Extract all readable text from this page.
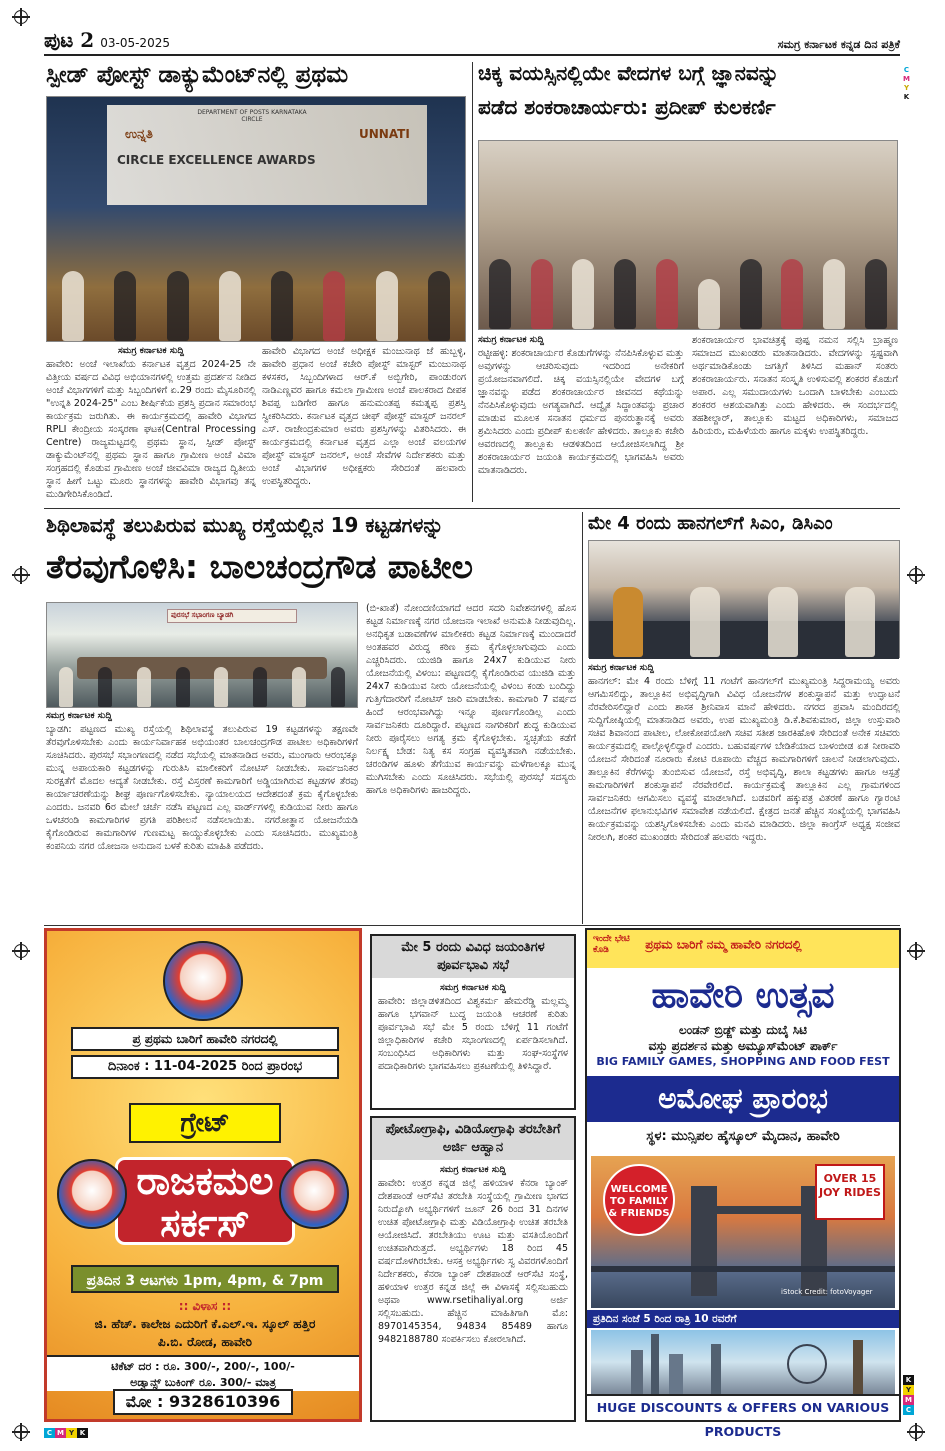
ಪುಟ 2 03-05-2025	ಸಮಗ್ರ ಕರ್ನಾಟಕ ಕನ್ನಡ ದಿನ ಪತ್ರಿಕೆ
C
M
Y
K
ಸ್ಪೀಡ್ ಪೋಸ್ಟ್ ಡಾಕ್ಯುಮೆಂಟ್‌ನಲ್ಲಿ ಪ್ರಥಮ
ಉನ್ನತಿ	UNNATI
CIRCLE EXCELLENCE AWARDS
DEPARTMENT OF POSTS KARNATAKA CIRCLE
ಸಮಗ್ರ ಕರ್ನಾಟಕ ಸುದ್ದಿ
ಹಾವೇರಿ: ಅಂಚೆ ಇಲಾಖೆಯ ಕರ್ನಾಟಕ ವೃತ್ತದ 2024-25 ನೇ ವಿತ್ತೀಯ ವರ್ಷದ ವಿವಿಧ ಅಭಿಯಾನಗಳಲ್ಲಿ ಉತ್ತಮ ಪ್ರದರ್ಶನ ನೀಡಿದ ಅಂಚೆ ವಿಭಾಗಗಳಿಗೆ ಮತ್ತು ಸಿಬ್ಬಂದಿಗಳಿಗೆ ಏ.29 ರಂದು ಮೈಸೂರಿನಲ್ಲಿ "ಉನ್ನತಿ 2024-25" ಎಂಬ ಶೀರ್ಷಿಕೆಯ ಪ್ರಶಸ್ತಿ ಪ್ರದಾನ ಸಮಾರಂಭ ಕಾರ್ಯಕ್ರಮ ಜರುಗಿತು. ಈ ಕಾರ್ಯಕ್ರಮದಲ್ಲಿ ಹಾವೇರಿ ವಿಭಾಗದ RPLI ಕೇಂದ್ರೀಯ ಸಂಸ್ಕರಣಾ ಘಟಕ(Central Processing Centre) ರಾಜ್ಯಮಟ್ಟದಲ್ಲಿ ಪ್ರಥಮ ಸ್ಥಾನ, ಸ್ಪೀಡ್ ಪೋಸ್ಟ್ ಡಾಕ್ಯುಮೆಂಟ್‌ನಲ್ಲಿ ಪ್ರಥಮ ಸ್ಥಾನ ಹಾಗೂ ಗ್ರಾಮೀಣ ಅಂಚೆ ವಿಮಾ ಸಂಗ್ರಹದಲ್ಲಿ ಕೊಡುವ ಗ್ರಾಮೀಣ ಅಂಚೆ ಜೀವವಿಮಾ ರಾಜ್ಯದ ದ್ವಿತೀಯ ಸ್ಥಾನ ಹೀಗೆ ಒಟ್ಟು ಮೂರು ಸ್ಥಾನಗಳನ್ನು ಹಾವೇರಿ ವಿಭಾಗವು ತನ್ನ ಮುಡಿಗೇರಿಸಿಕೊಂಡಿದೆ.
ಹಾವೇರಿ ವಿಭಾಗದ ಅಂಚೆ ಅಧೀಕ್ಷಕ ಮಂಜುನಾಥ ಜೆ ಹುಬ್ಬಳ್ಳಿ, ಹಾವೇರಿ ಪ್ರಧಾನ ಅಂಚೆ ಕಚೇರಿ ಪೋಸ್ಟ್ ಮಾಸ್ಟರ್ ಮಂಜುನಾಥ ಕಳಸಕರ, ಸಿಬ್ಬಂದಿಗಳಾದ ಆರ್.ಕೆ ಅಬ್ಬಿಗೇರಿ, ಪಾಂಡುರಂಗ ನಾಡಿಎಣ್ಣವರ ಹಾಗೂ ಕಮಲಾ ಗ್ರಾಮೀಣ ಅಂಚೆ ಪಾಲಕರಾದ ದೀಪಕ ಶಿವಪ್ಪ ಬಡಿಗೇರ ಹಾಗೂ ಹನುಮಂತಪ್ಪ ಕಮತ್ನಪ್ಪ ಪ್ರಶಸ್ತಿ ಸ್ವೀಕರಿಸಿದರು. ಕರ್ನಾಟಕ ವೃತ್ತದ ಚೀಫ್ ಪೋಸ್ಟ್ ಮಾಸ್ಟರ್ ಜನರಲ್ ಎಸ್. ರಾಜೇಂದ್ರಕುಮಾರ ಅವರು ಪ್ರಶಸ್ತಿಗಳನ್ನು ವಿತರಿಸಿದರು. ಈ ಕಾರ್ಯಕ್ರಮದಲ್ಲಿ ಕರ್ನಾಟಕ ವೃತ್ತದ ಎಲ್ಲಾ ಅಂಚೆ ವಲಯಗಳ ಪೋಸ್ಟ್ ಮಾಸ್ಟರ್ ಜನರಲ್, ಅಂಚೆ ಸೇವೆಗಳ ನಿರ್ದೇಶಕರು ಮತ್ತು ಅಂಚೆ ವಿಭಾಗಗಳ ಅಧೀಕ್ಷಕರು ಸೇರಿದಂತೆ ಹಲವಾರು ಉಪಸ್ಥಿತರಿದ್ದರು.
ಚಿಕ್ಕ ವಯಸ್ಸಿನಲ್ಲಿಯೇ ವೇದಗಳ ಬಗ್ಗೆ ಜ್ಞಾನವನ್ನು
ಪಡೆದ ಶಂಕರಾಚಾರ್ಯರು: ಪ್ರದೀಪ್ ಕುಲಕರ್ಣಿ
ಸಮಗ್ರ ಕರ್ನಾಟಕ ಸುದ್ದಿ
ರಟ್ಟೀಹಳ್ಳಿ: ಶಂಕರಾಚಾರ್ಯರ ಕೊಡುಗೆಗಳನ್ನು ನೆನಪಿಸಿಕೊಳ್ಳುವ ಮತ್ತು ಅವುಗಳನ್ನು ಆಚರಿಸುವುದು ಇದರಿಂದ ಅನೇಕರಿಗೆ ಪ್ರಯೋಜನವಾಗಲಿದೆ. ಚಿಕ್ಕ ವಯಸ್ಸಿನಲ್ಲಿಯೇ ವೇದಗಳ ಬಗ್ಗೆ ಜ್ಞಾನವನ್ನು ಪಡೆದ ಶಂಕರಾಚಾರ್ಯರ ಜೀವನದ ಕಥೆಯನ್ನು ನೆನಪಿಸಿಕೊಳ್ಳುವುದು ಅಗತ್ಯವಾಗಿದೆ. ಆದ್ವೈತ ಸಿದ್ಧಾಂತವನ್ನು ಪ್ರಚಾರ ಮಾಡುವ ಮೂಲಕ ಸನಾತನ ಧರ್ಮದ ಪುನರುತ್ಥಾನಕ್ಕೆ ಅವರು ಶ್ರಮಿಸಿದರು ಎಂದು ಪ್ರದೀಪ್ ಕುಲಕರ್ಣಿ ಹೇಳಿದರು. ತಾಲ್ಲೂಕು ಕಚೇರಿ ಆವರಣದಲ್ಲಿ ತಾಲ್ಲೂಕು ಆಡಳಿತದಿಂದ ಆಯೋಜಿಸಲಾಗಿದ್ದ ಶ್ರೀ ಶಂಕರಾಚಾರ್ಯರ ಜಯಂತಿ ಕಾರ್ಯಕ್ರಮದಲ್ಲಿ ಭಾಗವಹಿಸಿ ಅವರು ಮಾತನಾಡಿದರು.
ಶಂಕರಾಚಾರ್ಯರ ಭಾವಚಿತ್ರಕ್ಕೆ ಪುಷ್ಪ ನಮನ ಸಲ್ಲಿಸಿ ಬ್ರಾಹ್ಮಣ ಸಮಾಜದ ಮುಖಂಡರು ಮಾತನಾಡಿದರು. ವೇದಗಳನ್ನು ಸ್ಪಷ್ಟವಾಗಿ ಅರ್ಥಮಾಡಿಕೊಂಡು ಜಗತ್ತಿಗೆ ತಿಳಿಸಿದ ಮಹಾನ್ ಸಂತರು ಶಂಕರಾಚಾರ್ಯರು. ಸನಾತನ ಸಂಸ್ಕೃತಿ ಉಳಿಸುವಲ್ಲಿ ಶಂಕರರ ಕೊಡುಗೆ ಅಪಾರ. ಎಲ್ಲ ಸಮುದಾಯಗಳು ಒಂದಾಗಿ ಬಾಳಬೇಕು ಎಂಬುದು ಶಂಕರರ ಆಶಯವಾಗಿತ್ತು ಎಂದು ಹೇಳಿದರು. ಈ ಸಂದರ್ಭದಲ್ಲಿ ತಹಶೀಲ್ದಾರ್, ತಾಲ್ಲೂಕು ಮಟ್ಟದ ಅಧಿಕಾರಿಗಳು, ಸಮಾಜದ ಹಿರಿಯರು, ಮಹಿಳೆಯರು ಹಾಗೂ ಮಕ್ಕಳು ಉಪಸ್ಥಿತರಿದ್ದರು.
ಶಿಥಿಲಾವಸ್ಥೆ ತಲುಪಿರುವ ಮುಖ್ಯ ರಸ್ತೆಯಲ್ಲಿನ 19 ಕಟ್ಟಡಗಳನ್ನು
ತೆರವುಗೊಳಿಸಿ: ಬಾಲಚಂದ್ರಗೌಡ ಪಾಟೀಲ
ಪುರಸಭೆ ಸಭಾಂಗಣ ಬ್ಯಾಡಗಿ
ಸಮಗ್ರ ಕರ್ನಾಟಕ ಸುದ್ದಿ
ಬ್ಯಾಡಗಿ: ಪಟ್ಟಣದ ಮುಖ್ಯ ರಸ್ತೆಯಲ್ಲಿ ಶಿಥಿಲಾವಸ್ಥೆ ತಲುಪಿರುವ 19 ಕಟ್ಟಡಗಳನ್ನು ತಕ್ಷಣವೇ ತೆರವುಗೊಳಿಸಬೇಕು ಎಂದು ಕಾರ್ಯನಿರ್ವಾಹಕ ಅಭಿಯಂತರ ಬಾಲಚಂದ್ರಗೌಡ ಪಾಟೀಲ ಅಧಿಕಾರಿಗಳಿಗೆ ಸೂಚಿಸಿದರು. ಪುರಸಭೆ ಸಭಾಂಗಣದಲ್ಲಿ ನಡೆದ ಸಭೆಯಲ್ಲಿ ಮಾತನಾಡಿದ ಅವರು, ಮುಂಗಾರು ಆರಂಭಕ್ಕೂ ಮುನ್ನ ಅಪಾಯಕಾರಿ ಕಟ್ಟಡಗಳನ್ನು ಗುರುತಿಸಿ ಮಾಲೀಕರಿಗೆ ನೋಟಿಸ್ ನೀಡಬೇಕು. ಸಾರ್ವಜನಿಕರ ಸುರಕ್ಷತೆಗೆ ಮೊದಲ ಆದ್ಯತೆ ನೀಡಬೇಕು. ರಸ್ತೆ ವಿಸ್ತರಣೆ ಕಾಮಗಾರಿಗೆ ಅಡ್ಡಿಯಾಗಿರುವ ಕಟ್ಟಡಗಳ ತೆರವು ಕಾರ್ಯಾಚರಣೆಯನ್ನು ಶೀಘ್ರ ಪೂರ್ಣಗೊಳಿಸಬೇಕು. ನ್ಯಾಯಾಲಯದ ಆದೇಶದಂತೆ ಕ್ರಮ ಕೈಗೊಳ್ಳಬೇಕು ಎಂದರು. ಜನವರಿ 6ರ ಮೇಲೆ ಚರ್ಚೆ ನಡೆಸಿ ಪಟ್ಟಣದ ಎಲ್ಲ ವಾರ್ಡ್‌ಗಳಲ್ಲಿ ಕುಡಿಯುವ ನೀರು ಹಾಗೂ ಒಳಚರಂಡಿ ಕಾಮಗಾರಿಗಳ ಪ್ರಗತಿ ಪರಿಶೀಲನೆ ನಡೆಸಲಾಯಿತು. ನಗರೋತ್ಥಾನ ಯೋಜನೆಯಡಿ ಕೈಗೊಂಡಿರುವ ಕಾಮಗಾರಿಗಳ ಗುಣಮಟ್ಟ ಕಾಯ್ದುಕೊಳ್ಳಬೇಕು ಎಂದು ಸೂಚಿಸಿದರು. ಮುಖ್ಯಮಂತ್ರಿ ಕಂಪನಿಯ ನಗರ ಯೋಜನಾ ಅನುದಾನ ಬಳಕೆ ಕುರಿತು ಮಾಹಿತಿ ಪಡೆದರು.
(ಬಿ-ಖಾತೆ) ನೋಂದಣಿಯಾಗದೆ ಆದರ ಸದರಿ ನಿವೇಶನಗಳಲ್ಲಿ ಹೊಸ ಕಟ್ಟಡ ನಿರ್ಮಾಣಕ್ಕೆ ನಗರ ಯೋಜನಾ ಇಲಾಖೆ ಅನುಮತಿ ನೀಡುವುದಿಲ್ಲ. ಅನಧಿಕೃತ ಬಡಾವಣೆಗಳ ಮಾಲೀಕರು ಕಟ್ಟಡ ನಿರ್ಮಾಣಕ್ಕೆ ಮುಂದಾದರೆ ಅಂತಹವರ ವಿರುದ್ಧ ಕಠಿಣ ಕ್ರಮ ಕೈಗೊಳ್ಳಲಾಗುವುದು ಎಂದು ಎಚ್ಚರಿಸಿದರು. ಯುಜಿಡಿ ಹಾಗೂ 24x7 ಕುಡಿಯುವ ನೀರು ಯೋಜನೆಯಲ್ಲಿ ವಿಳಂಬ: ಪಟ್ಟಣದಲ್ಲಿ ಕೈಗೊಂಡಿರುವ ಯುಜಿಡಿ ಮತ್ತು 24x7 ಕುಡಿಯುವ ನೀರು ಯೋಜನೆಯಲ್ಲಿ ವಿಳಂಬ ಕಂಡು ಬಂದಿದ್ದು ಗುತ್ತಿಗೆದಾರರಿಗೆ ನೋಟಿಸ್ ಜಾರಿ ಮಾಡಬೇಕು. ಕಾಮಗಾರಿ 7 ವರ್ಷದ ಹಿಂದೆ ಆರಂಭವಾಗಿದ್ದು ಇನ್ನೂ ಪೂರ್ಣಗೊಂಡಿಲ್ಲ ಎಂದು ಸಾರ್ವಜನಿಕರು ದೂರಿದ್ದಾರೆ. ಪಟ್ಟಣದ ನಾಗರಿಕರಿಗೆ ಶುದ್ಧ ಕುಡಿಯುವ ನೀರು ಪೂರೈಸಲು ಅಗತ್ಯ ಕ್ರಮ ಕೈಗೊಳ್ಳಬೇಕು. ಸ್ವಚ್ಛತೆಯ ಕಡೆಗೆ ನಿರ್ಲಕ್ಷ್ಯ ಬೇಡ: ನಿತ್ಯ ಕಸ ಸಂಗ್ರಹ ವ್ಯವಸ್ಥಿತವಾಗಿ ನಡೆಯಬೇಕು. ಚರಂಡಿಗಳ ಹೂಳು ತೆಗೆಯುವ ಕಾರ್ಯವನ್ನು ಮಳೆಗಾಲಕ್ಕೂ ಮುನ್ನ ಮುಗಿಸಬೇಕು ಎಂದು ಸೂಚಿಸಿದರು. ಸಭೆಯಲ್ಲಿ ಪುರಸಭೆ ಸದಸ್ಯರು ಹಾಗೂ ಅಧಿಕಾರಿಗಳು ಹಾಜರಿದ್ದರು.
ಮೇ 4 ರಂದು ಹಾನಗಲ್‌ಗೆ ಸಿಎಂ, ಡಿಸಿಎಂ
ಸಮಗ್ರ ಕರ್ನಾಟಕ ಸುದ್ದಿ
ಹಾನಗಲ್: ಮೇ 4 ರಂದು ಬೆಳಿಗ್ಗೆ 11 ಗಂಟೆಗೆ ಹಾನಗಲ್‌ಗೆ ಮುಖ್ಯಮಂತ್ರಿ ಸಿದ್ದರಾಮಯ್ಯ ಅವರು ಆಗಮಿಸಲಿದ್ದು, ತಾಲ್ಲೂಕಿನ ಅಭಿವೃದ್ಧಿಗಾಗಿ ವಿವಿಧ ಯೋಜನೆಗಳ ಶಂಕುಸ್ಥಾಪನೆ ಮತ್ತು ಉದ್ಘಾಟನೆ ನೆರವೇರಿಸಲಿದ್ದಾರೆ ಎಂದು ಶಾಸಕ ಶ್ರೀನಿವಾಸ ಮಾನೆ ಹೇಳಿದರು. ನಗರದ ಪ್ರವಾಸಿ ಮಂದಿರದಲ್ಲಿ ಸುದ್ದಿಗೋಷ್ಠಿಯಲ್ಲಿ ಮಾತನಾಡಿದ ಅವರು, ಉಪ ಮುಖ್ಯಮಂತ್ರಿ ಡಿ.ಕೆ.ಶಿವಕುಮಾರ, ಜಿಲ್ಲಾ ಉಸ್ತುವಾರಿ ಸಚಿವ ಶಿವಾನಂದ ಪಾಟೀಲ, ಲೋಕೋಪಯೋಗಿ ಸಚಿವ ಸತೀಶ ಜಾರಕಿಹೊಳಿ ಸೇರಿದಂತೆ ಅನೇಕ ಸಚಿವರು ಕಾರ್ಯಕ್ರಮದಲ್ಲಿ ಪಾಲ್ಗೊಳ್ಳಲಿದ್ದಾರೆ ಎಂದರು. ಬಹುವರ್ಷಗಳ ಬೇಡಿಕೆಯಾದ ಬಾಳಂಬೀಡ ಏತ ನೀರಾವರಿ ಯೋಜನೆ ಸೇರಿದಂತೆ ನೂರಾರು ಕೋಟಿ ರೂಪಾಯಿ ವೆಚ್ಚದ ಕಾಮಗಾರಿಗಳಿಗೆ ಚಾಲನೆ ನೀಡಲಾಗುವುದು. ತಾಲ್ಲೂಕಿನ ಕೆರೆಗಳನ್ನು ತುಂಬಿಸುವ ಯೋಜನೆ, ರಸ್ತೆ ಅಭಿವೃದ್ಧಿ, ಶಾಲಾ ಕಟ್ಟಡಗಳು ಹಾಗೂ ಆಸ್ಪತ್ರೆ ಕಾಮಗಾರಿಗಳಿಗೆ ಶಂಕುಸ್ಥಾಪನೆ ನೆರವೇರಲಿದೆ. ಕಾರ್ಯಕ್ರಮಕ್ಕೆ ತಾಲ್ಲೂಕಿನ ಎಲ್ಲ ಗ್ರಾಮಗಳಿಂದ ಸಾರ್ವಜನಿಕರು ಆಗಮಿಸಲು ವ್ಯವಸ್ಥೆ ಮಾಡಲಾಗಿದೆ. ಬಡವರಿಗೆ ಹಕ್ಕುಪತ್ರ ವಿತರಣೆ ಹಾಗೂ ಗ್ಯಾರಂಟಿ ಯೋಜನೆಗಳ ಫಲಾನುಭವಿಗಳ ಸಮಾವೇಶ ನಡೆಯಲಿದೆ. ಕ್ಷೇತ್ರದ ಜನತೆ ಹೆಚ್ಚಿನ ಸಂಖ್ಯೆಯಲ್ಲಿ ಭಾಗವಹಿಸಿ ಕಾರ್ಯಕ್ರಮವನ್ನು ಯಶಸ್ವಿಗೊಳಿಸಬೇಕು ಎಂದು ಮನವಿ ಮಾಡಿದರು. ಜಿಲ್ಲಾ ಕಾಂಗ್ರೆಸ್ ಅಧ್ಯಕ್ಷ ಸಂಜೀವ ನೀರಲಗಿ, ಶಂಕರ ಮುಖಂಡರು ಸೇರಿದಂತೆ ಹಲವರು ಇದ್ದರು.
ಪ್ರ ಪ್ರಥಮ ಬಾರಿಗೆ ಹಾವೇರಿ ನಗರದಲ್ಲಿ
ದಿನಾಂಕ : 11-04-2025 ರಿಂದ ಪ್ರಾರಂಭ
ಗ್ರೇಟ್
ರಾಜಕಮಲ
ಸರ್ಕಸ್
ಪ್ರತಿದಿನ 3 ಆಟಗಳು 1pm, 4pm, & 7pm
:: ವಿಳಾಸ ::
ಜಿ. ಹೆಚ್. ಕಾಲೇಜ ಎದುರಿಗೆ ಕೆ.ಎಲ್.ಇ. ಸ್ಕೂಲ್ ಹತ್ತಿರ
ಪಿ.ಬಿ. ರೋಡ, ಹಾವೇರಿ
ಟಿಕೆಟ್ ದರ : ರೂ. 300/-, 200/-, 100/-
ಅಡ್ವಾನ್ಸ್ ಬುಕಿಂಗ್ ರೂ. 300/- ಮಾತ್ರ
ಮೋ : 9328610396
ಮೇ 5 ರಂದು ವಿವಿಧ ಜಯಂತಿಗಳ ಪೂರ್ವಭಾವಿ ಸಭೆ
ಸಮಗ್ರ ಕರ್ನಾಟಕ ಸುದ್ದಿ
ಹಾವೇರಿ: ಜಿಲ್ಲಾಡಳಿತದಿಂದ ವಿಶ್ವಕರ್ಮ ಹೇಮರೆಡ್ಡಿ ಮಲ್ಲಮ್ಮ ಹಾಗೂ ಭಗವಾನ್ ಬುದ್ಧ ಜಯಂತಿ ಆಚರಣೆ ಕುರಿತು ಪೂರ್ವಭಾವಿ ಸಭೆ ಮೇ 5 ರಂದು ಬೆಳಿಗ್ಗೆ 11 ಗಂಟೆಗೆ ಜಿಲ್ಲಾಧಿಕಾರಿಗಳ ಕಚೇರಿ ಸಭಾಂಗಣದಲ್ಲಿ ಏರ್ಪಡಿಸಲಾಗಿದೆ. ಸಂಬಂಧಿಸಿದ ಅಧಿಕಾರಿಗಳು ಮತ್ತು ಸಂಘ-ಸಂಸ್ಥೆಗಳ ಪದಾಧಿಕಾರಿಗಳು ಭಾಗವಹಿಸಲು ಪ್ರಕಟಣೆಯಲ್ಲಿ ತಿಳಿಸಿದ್ದಾರೆ.
ಪೋಟೋಗ್ರಾಫಿ, ವಿಡಿಯೋಗ್ರಾಫಿ ತರಬೇತಿಗೆ ಅರ್ಜಿ ಆಹ್ವಾನ
ಸಮಗ್ರ ಕರ್ನಾಟಕ ಸುದ್ದಿ
ಹಾವೇರಿ: ಉತ್ತರ ಕನ್ನಡ ಜಿಲ್ಲೆ ಹಳಿಯಾಳ ಕೆನರಾ ಬ್ಯಾಂಕ್ ದೇಶಪಾಂಡೆ ಆರ್‌ಸೆಟಿ ತರಬೇತಿ ಸಂಸ್ಥೆಯಲ್ಲಿ ಗ್ರಾಮೀಣ ಭಾಗದ ನಿರುದ್ಯೋಗಿ ಅಭ್ಯರ್ಥಿಗಳಿಗೆ ಜೂನ್ 26 ರಿಂದ 31 ದಿನಗಳ ಉಚಿತ ಪೋಟೋಗ್ರಾಫಿ ಮತ್ತು ವಿಡಿಯೋಗ್ರಾಫಿ ಉಚಿತ ತರಬೇತಿ ಆಯೋಜಿಸಿದೆ. ತರಬೇತಿಯು ಊಟ ಮತ್ತು ವಸತಿಯೊಂದಿಗೆ ಉಚಿತವಾಗಿರುತ್ತದೆ. ಅಭ್ಯರ್ಥಿಗಳು 18 ರಿಂದ 45 ವರ್ಷದೊಳಗಿರಬೇಕು. ಆಸಕ್ತ ಅಭ್ಯರ್ಥಿಗಳು ಸ್ವ ವಿವರಗಳೊಂದಿಗೆ ನಿರ್ದೇಶಕರು, ಕೆನರಾ ಬ್ಯಾಂಕ್ ದೇಶಪಾಂಡೆ ಆರ್‌ಸೆಟಿ ಸಂಸ್ಥೆ, ಹಳಿಯಾಳ ಉತ್ತರ ಕನ್ನಡ ಜಿಲ್ಲೆ ಈ ವಿಳಾಸಕ್ಕೆ ಸಲ್ಲಿಸಬಹುದು ಅಥವಾ www.rsetihaliyal.org ಅರ್ಜಿ ಸಲ್ಲಿಸಬಹುದು. ಹೆಚ್ಚಿನ ಮಾಹಿತಿಗಾಗಿ ಮೊ: 8970145354, 94834 85489 ಹಾಗೂ 9482188780 ಸಂಪರ್ಕಿಸಲು ಕೋರಲಾಗಿದೆ.
ಇಂದೇ ಭೇಟಿ ಕೊಡಿ	ಪ್ರಥಮ ಬಾರಿಗೆ ನಮ್ಮ ಹಾವೇರಿ ನಗರದಲ್ಲಿ
ಹಾವೇರಿ ಉತ್ಸವ
ಲಂಡನ್ ಬ್ರಿಡ್ಜ್ ಮತ್ತು ದುಬೈ ಸಿಟಿ
ವಸ್ತು ಪ್ರದರ್ಶನ ಮತ್ತು ಅಮ್ಯೂಸ್‌ಮೆಂಟ್ ಪಾರ್ಕ್
BIG FAMILY GAMES, SHOPPING AND FOOD FEST
ಅಮೋಘ ಪ್ರಾರಂಭ
ಸ್ಥಳ: ಮುನ್ಸಿಪಲ ಹೈಸ್ಕೂಲ್ ಮೈದಾನ, ಹಾವೇರಿ
WELCOME TO FAMILY & FRIENDS
OVER 15 JOY RIDES
iStock Credit: fotoVoyager
ಪ್ರತಿದಿನ ಸಂಜೆ 5 ರಿಂದ ರಾತ್ರಿ 10 ರವರೆಗೆ
HUGE DISCOUNTS & OFFERS ON VARIOUS PRODUCTS
C M Y K
K
Y
M
C
